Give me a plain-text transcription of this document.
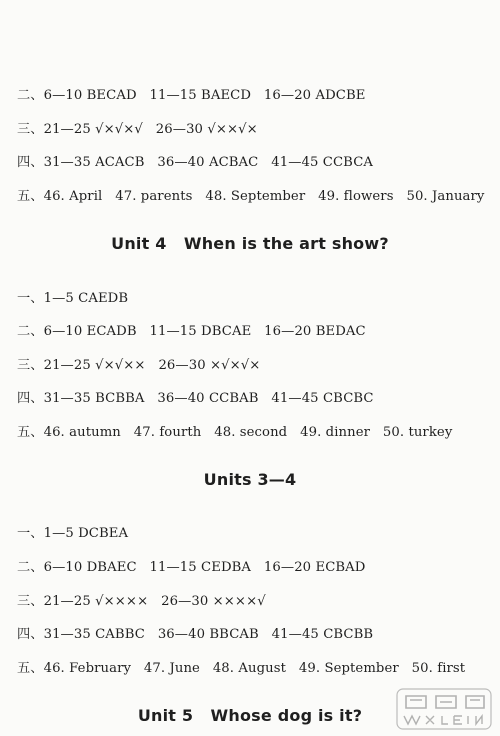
二、6—10 BECAD   11—15 BAECD   16—20 ADCBE
三、21—25 √×√×√   26—30 √××√×
四、31—35 ACACB   36—40 ACBAC   41—45 CCBCA
五、46. April   47. parents   48. September   49. flowers   50. January
Unit 4   When is the art show?
一、1—5 CAEDB
二、6—10 ECADB   11—15 DBCAE   16—20 BEDAC
三、21—25 √×√××   26—30 ×√×√×
四、31—35 BCBBA   36—40 CCBAB   41—45 CBCBC
五、46. autumn   47. fourth   48. second   49. dinner   50. turkey
Units 3—4
一、1—5 DCBEA
二、6—10 DBAEC   11—15 CEDBA   16—20 ECBAD
三、21—25 √××××   26—30 ××××√
四、31—35 CABBC   36—40 BBCAB   41—45 CBCBB
五、46. February   47. June   48. August   49. September   50. first
Unit 5   Whose dog is it?
